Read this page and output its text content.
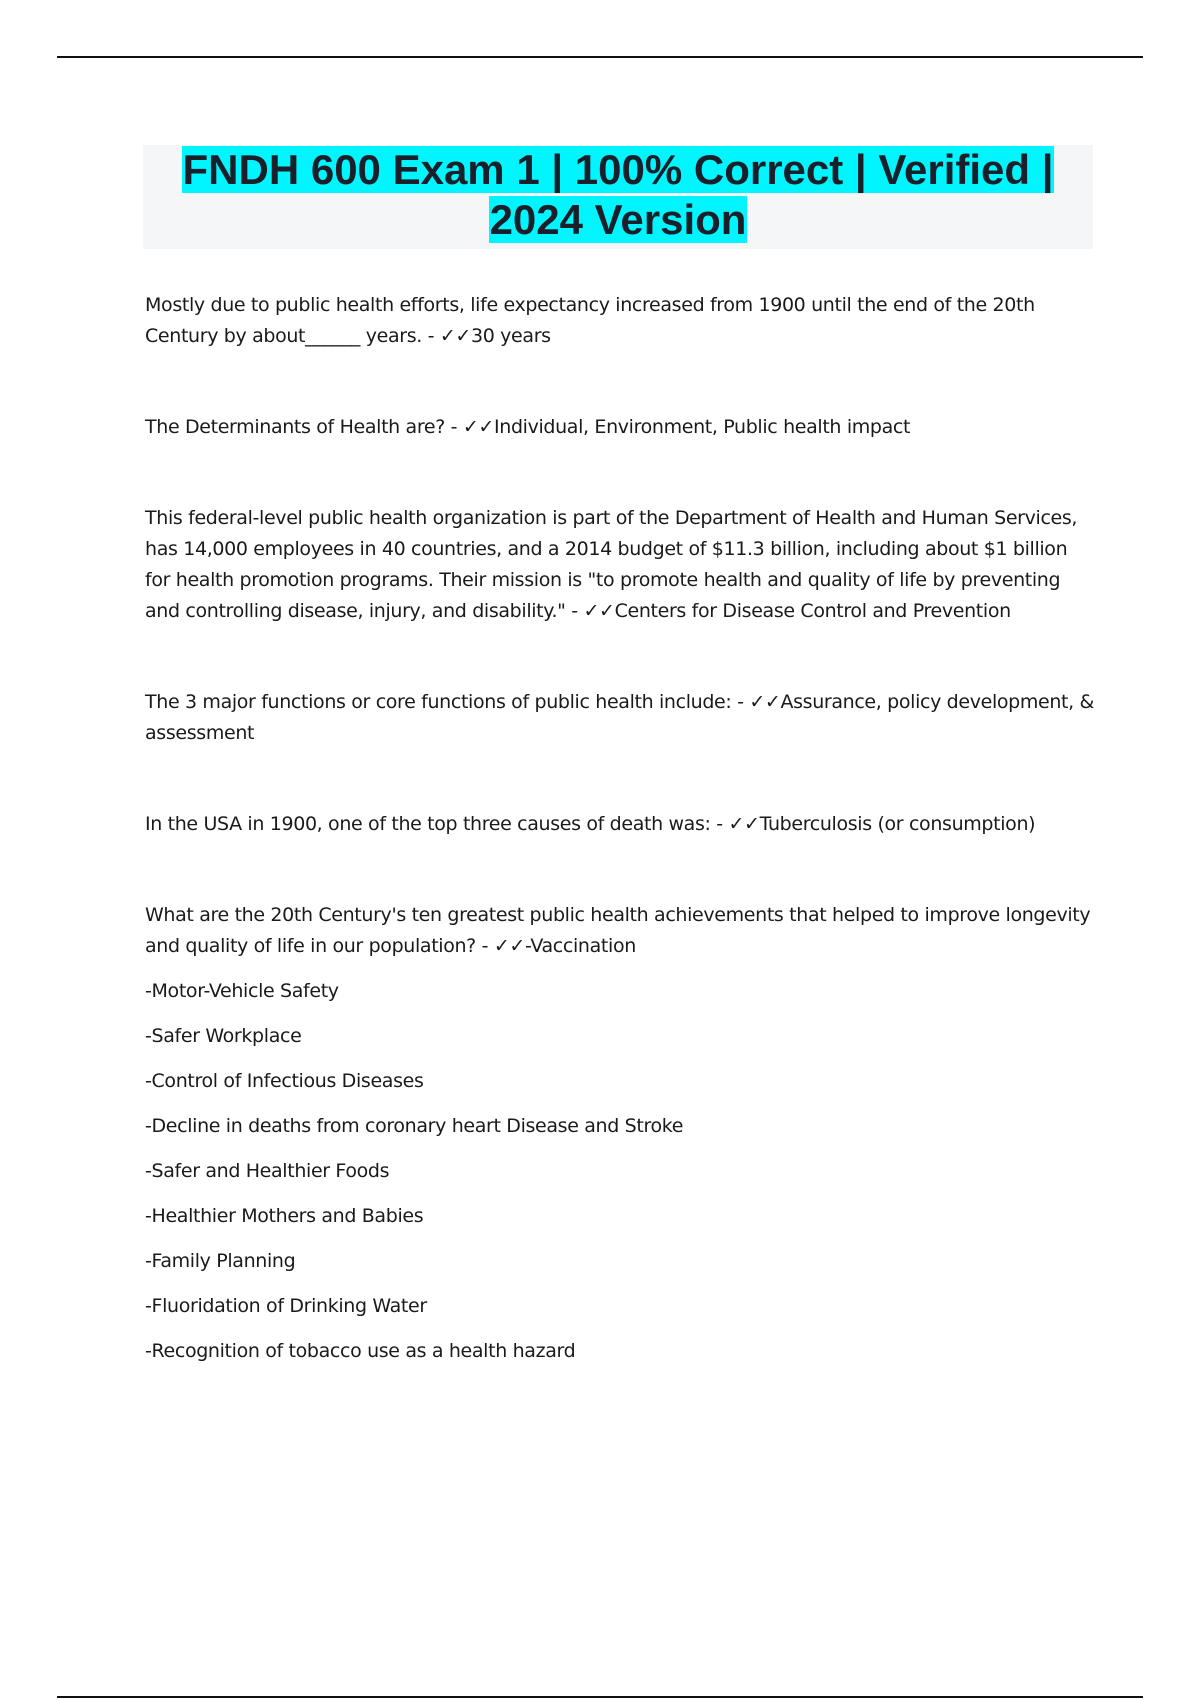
FNDH 600 Exam 1 | 100% Correct | Verified |
2024 Version

Mostly due to public health efforts, life expectancy increased from 1900 until the end of the 20th Century by about______ years. - ✓✓30 years

The Determinants of Health are? - ✓✓Individual, Environment, Public health impact

This federal-level public health organization is part of the Department of Health and Human Services, has 14,000 employees in 40 countries, and a 2014 budget of $11.3 billion, including about $1 billion for health promotion programs. Their mission is "to promote health and quality of life by preventing and controlling disease, injury, and disability." - ✓✓Centers for Disease Control and Prevention

The 3 major functions or core functions of public health include: - ✓✓Assurance, policy development, & assessment

In the USA in 1900, one of the top three causes of death was: - ✓✓Tuberculosis (or consumption)

What are the 20th Century's ten greatest public health achievements that helped to improve longevity and quality of life in our population? - ✓✓-Vaccination

-Motor-Vehicle Safety

-Safer Workplace

-Control of Infectious Diseases

-Decline in deaths from coronary heart Disease and Stroke

-Safer and Healthier Foods

-Healthier Mothers and Babies

-Family Planning

-Fluoridation of Drinking Water

-Recognition of tobacco use as a health hazard
